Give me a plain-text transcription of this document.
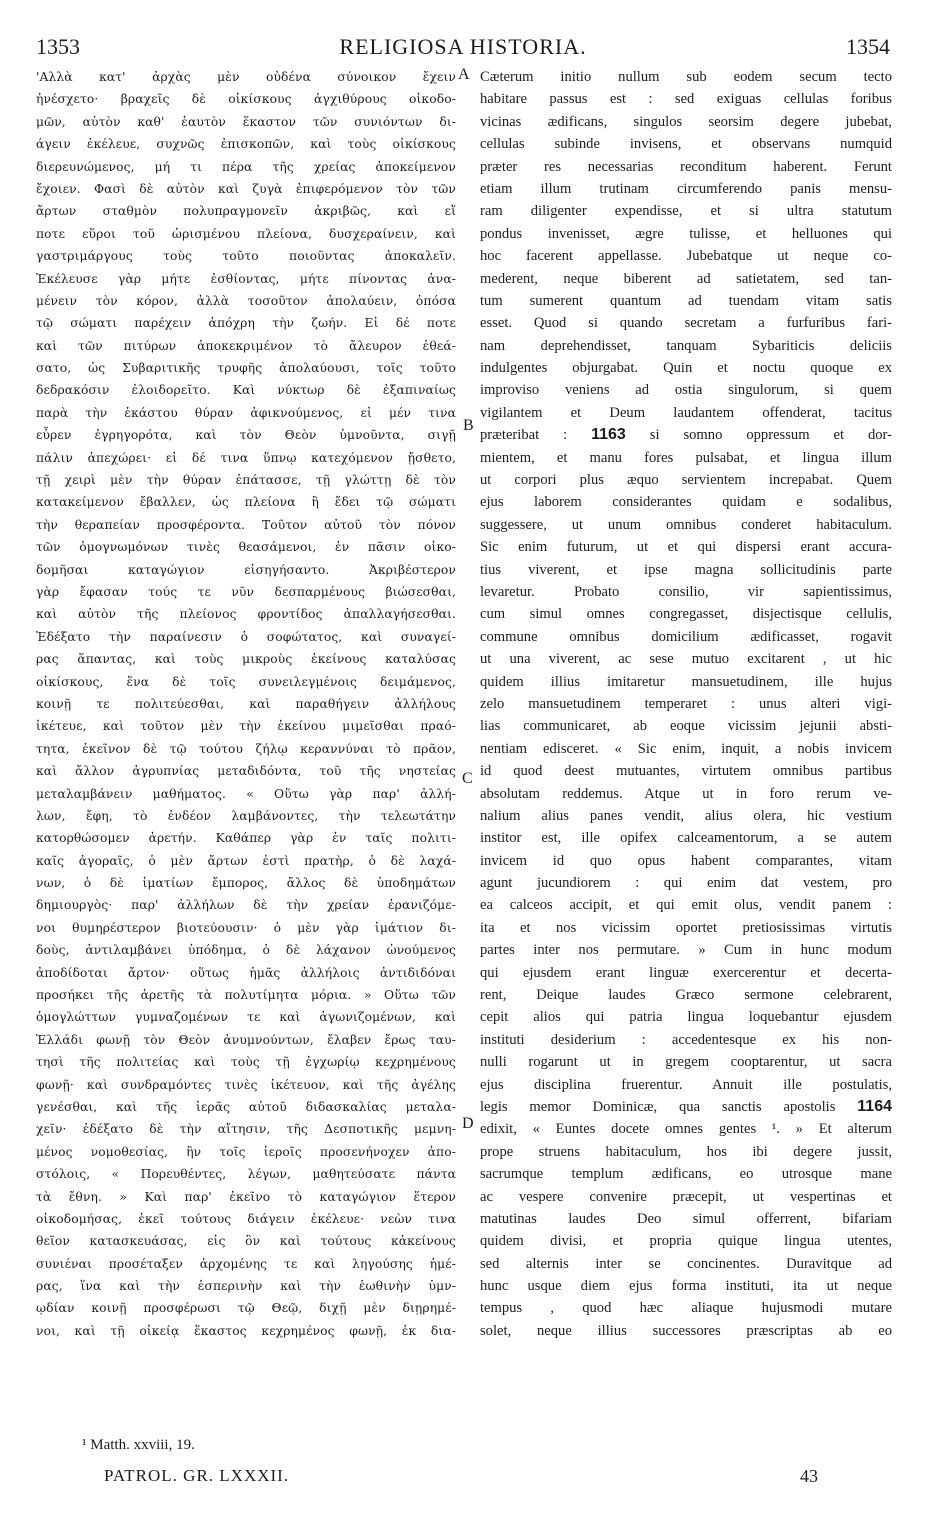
1353	RELIGIOSA HISTORIA.	1354
'Αλλὰ κατ' ἀρχὰς μὲν οὐδένα σύνοικον ἔχειν
ἠνέσχετο· βραχεῖς δὲ οἰκίσκους ἀγχιθύρους οἰκοδο-
μῶν, αὐτὸν καθ' ἑαυτὸν ἕκαστον τῶν συνιόντων δι-
άγειν ἐκέλευε, συχνῶς ἐπισκοπῶν, καὶ τοὺς οἰκίσκους
διερευνώμενος, μή τι πέρα τῆς χρείας ἀποκείμενον
ἔχοιεν. Φασὶ δὲ αὐτὸν καὶ ζυγὰ ἐπιφερόμενον τὸν τῶν
ἄρτων σταθμὸν πολυπραγμονεῖν ἀκριβῶς, καὶ εἴ
ποτε εὕροι τοῦ ὡρισμένου πλείονα, δυσχεραίνειν, καὶ
γαστριμάργους τοὺς τοῦτο ποιοῦντας ἀποκαλεῖν.
Ἐκέλευσε γὰρ μήτε ἐσθίοντας, μήτε πίνοντας ἀνα-
μένειν τὸν κόρον, ἀλλὰ τοσοῦτον ἀπολαύειν, ὁπόσα
τῷ σώματι παρέχειν ἀπόχρη τὴν ζωήν. Εἰ δέ ποτε
καὶ τῶν πιτύρων ἀποκεκριμένον τὸ ἄλευρον ἐθεά-
σατο, ὡς Συβαριτικῆς τρυφῆς ἀπολαύουσι, τοῖς τοῦτο
δεδρακόσιν ἐλοιδορεῖτο. Καὶ νύκτωρ δὲ ἐξαπιναίως
παρὰ τὴν ἑκάστου θύραν ἀφικνούμενος, εἰ μέν τινα
εὗρεν ἐγρηγορότα, καὶ τὸν Θεὸν ὑμνοῦντα, σιγῇ
πάλιν ἀπεχώρει· εἰ δέ τινα ὕπνῳ κατεχόμενον ᾔσθετο,
τῇ χειρὶ μὲν τὴν θύραν ἐπάτασσε, τῇ γλώττῃ δὲ τὸν
κατακείμενον ἔβαλλεν, ὡς πλείονα ἢ ἔδει τῷ σώματι
τὴν θεραπείαν προσφέροντα. Τοῦτον αὐτοῦ τὸν πόνον
τῶν ὁμογνωμόνων τινὲς θεασάμενοι, ἐν πᾶσιν οἰκο-
δομῆσαι καταγώγιον εἰσηγήσαντο. Ἀκριβέστερον
γὰρ ἔφασαν τούς τε νῦν δεσπαρμένους βιώσεσθαι,
καὶ αὐτὸν τῆς πλείονος φροντίδος ἀπαλλαγήσεσθαι.
Ἐδέξατο τὴν παραίνεσιν ὁ σοφώτατος, καὶ συναγεί-
ρας ἅπαντας, καὶ τοὺς μικροὺς ἐκείνους καταλύσας
οἰκίσκους, ἕνα δὲ τοῖς συνειλεγμένοις δειμάμενος,
κοινῇ τε πολιτεύεσθαι, καὶ παραθήγειν ἀλλήλους
ἱκέτευε, καὶ τοῦτον μὲν τὴν ἐκείνου μιμεῖσθαι πραό-
τητα, ἐκεῖνον δὲ τῷ τούτου ζήλῳ κεραννύναι τὸ πρᾶον,
καὶ ἄλλον ἀγρυπνίας μεταδιδόντα, τοῦ τῆς νηστείας
μεταλαμβάνειν μαθήματος. « Οὕτω γὰρ παρ' ἀλλή-
λων, ἔφη, τὸ ἐνδέον λαμβάνοντες, τὴν τελεωτάτην
κατορθώσομεν ἀρετήν. Καθάπερ γὰρ ἐν ταῖς πολιτι-
καῖς ἀγοραῖς, ὁ μὲν ἄρτων ἐστὶ πρατὴρ, ὁ δὲ λαχά-
νων, ὁ δὲ ἱματίων ἔμπορος, ἄλλος δὲ ὑποδημάτων
δημιουργὸς· παρ' ἀλλήλων δὲ τὴν χρείαν ἐρανιζόμε-
νοι θυμηρέστερον βιοτεύουσιν· ὁ μὲν γὰρ ἱμάτιον δι-
δοὺς, ἀντιλαμβάνει ὑπόδημα, ὁ δὲ λάχανον ὠνούμενος
ἀποδίδοται ἄρτον· οὕτως ἡμᾶς ἀλλήλοις ἀντιδιδόναι
προσήκει τῆς ἀρετῆς τὰ πολυτίμητα μόρια. » Οὕτω τῶν
ὁμογλώττων γυμναζομένων τε καὶ ἀγωνιζομένων, καὶ
Ἑλλάδι φωνῇ τὸν Θεὸν ἀνυμνούντων, ἔλαβεν ἔρως ταυ-
τησὶ τῆς πολιτείας καὶ τοὺς τῇ ἐγχωρίῳ κεχρημένους
φωνῇ· καὶ συνδραμόντες τινὲς ἱκέτευον, καὶ τῆς ἀγέλης
γενέσθαι, καὶ τῆς ἱερᾶς αὐτοῦ διδασκαλίας μεταλα-
χεῖν· ἐδέξατο δὲ τὴν αἴτησιν, τῆς Δεσποτικῆς μεμνη-
μένος νομοθεσίας, ἣν τοῖς ἱεροῖς προσενήνοχεν ἀπο-
στόλοις, « Πορευθέντες, λέγων, μαθητεύσατε πάντα
τὰ ἔθνη. » Καὶ παρ' ἐκεῖνο τὸ καταγώγιον ἕτερον
οἰκοδομήσας, ἐκεῖ τούτους διάγειν ἐκέλευε· νεὼν τινα
θεῖον κατασκευάσας, εἰς ὃν καὶ τούτους κἀκείνους
συνιέναι προσέταξεν ἀρχομένης τε καὶ ληγούσης ἡμέ-
ρας, ἵνα καὶ τὴν ἑσπερινὴν καὶ τὴν ἑωθινὴν ὑμν-
ῳδίαν κοινῇ προσφέρωσι τῷ Θεῷ, διχῇ μὲν διῃρημέ-
νοι, καὶ τῇ οἰκείᾳ ἕκαστος κεχρημένος φωνῇ, ἐκ δια-
Cæterum initio nullum sub eodem secum tecto
habitare passus est : sed exiguas cellulas foribus
vicinas ædificans, singulos seorsim degere jubebat,
cellulas subinde invisens, et observans numquid
præter res necessarias reconditum haberent. Ferunt
etiam illum trutinam circumferendo panis mensu-
ram diligenter expendisse, et si ultra statutum
pondus invenisset, ægre tulisse, et helluones qui
hoc facerent appellasse. Jubebatque ut neque co-
mederent, neque biberent ad satietatem, sed tan-
tum sumerent quantum ad tuendam vitam satis
esset. Quod si quando secretam a furfuribus fari-
nam deprehendisset, tanquam Sybariticis deliciis
indulgentes objurgabat. Quin et noctu quoque ex
improviso veniens ad ostia singulorum, si quem
vigilantem et Deum laudantem offenderat, tacitus
præteribat : 1163 si somno oppressum et dor-
mientem, et manu fores pulsabat, et lingua illum
ut corpori plus æquo servientem increpabat. Quem
ejus laborem considerantes quidam e sodalibus,
suggessere, ut unum omnibus conderet habitaculum.
Sic enim futurum, ut et qui dispersi erant accura-
tius viverent, et ipse magna sollicitudinis parte
levaretur. Probato consilio, vir sapientissimus,
cum simul omnes congregasset, disjectisque cellulis,
commune omnibus domicilium ædificasset, rogavit
ut una viverent, ac sese mutuo excitarent , ut hic
quidem illius imitaretur mansuetudinem, ille hujus
zelo mansuetudinem temperaret : unus alteri vigi-
lias communicaret, ab eoque vicissim jejunii absti-
nentiam edisceret. « Sic enim, inquit, a nobis invicem
id quod deest mutuantes, virtutem omnibus partibus
absolutam reddemus. Atque ut in foro rerum ve-
nalium alius panes vendit, alius olera, hic vestium
institor est, ille opifex calceamentorum, a se autem
invicem id quo opus habent comparantes, vitam
agunt jucundiorem : qui enim dat vestem, pro
ea calceos accipit, et qui emit olus, vendit panem :
ita et nos vicissim oportet pretiosissimas virtutis
partes inter nos permutare. » Cum in hunc modum
qui ejusdem erant linguæ exercerentur et decerta-
rent, Deique laudes Græco sermone celebrarent,
cepit alios qui patria lingua loquebantur ejusdem
instituti desiderium : accedentesque ex his non-
nulli rogarunt ut in gregem cooptarentur, ut sacra
ejus disciplina fruerentur. Annuit ille postulatis,
legis memor Dominicæ, qua sanctis apostolis 1164
edixit, « Euntes docete omnes gentes ¹. » Et alterum
prope struens habitaculum, hos ibi degere jussit,
sacrumque templum ædificans, eo utrosque mane
ac vespere convenire præcepit, ut vespertinas et
matutinas laudes Deo simul offerrent, bifariam
quidem divisi, et propria quique lingua utentes,
sed alternis inter se concinentes. Duravitque ad
hunc usque diem ejus forma instituti, ita ut neque
tempus , quod hæc aliaque hujusmodi mutare
solet, neque illius successores præscriptas ab eo
A
B
C
D
¹ Matth. xxviii, 19.
PATROL. GR. LXXXII.	43
